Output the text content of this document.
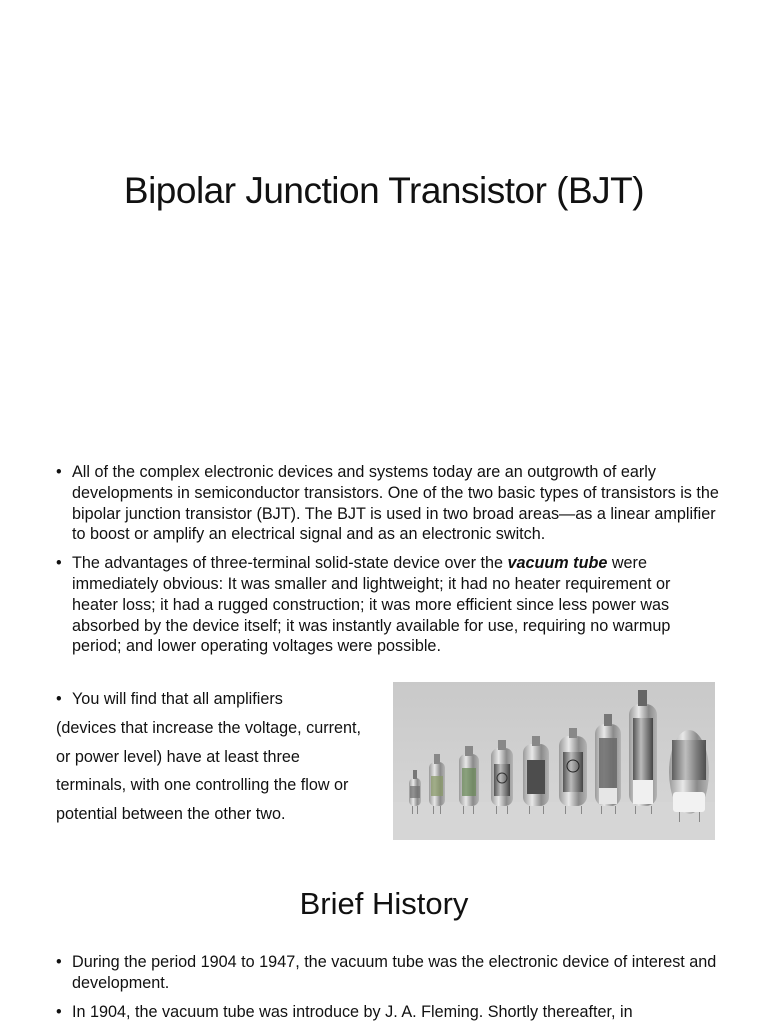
Bipolar Junction Transistor (BJT)
• All of the complex electronic devices and systems today are an outgrowth of early developments in semiconductor transistors. One of the two basic types of transistors is the bipolar junction transistor (BJT). The BJT is used in two broad areas—as a linear amplifier to boost or amplify an electrical signal and as an electronic switch.
• The advantages of three-terminal solid-state device over the vacuum tube were immediately obvious: It was smaller and lightweight; it had no heater requirement or heater loss; it had a rugged construction; it was more efficient since less power was absorbed by the device itself; it was instantly available for use, requiring no warmup period; and lower operating voltages were possible.
• You will find that all amplifiers
(devices that increase the voltage, current,
or power level) have at least three
terminals, with one controlling the flow or
potential between the other two.
Brief History
• During the period 1904 to 1947, the vacuum tube was the electronic device of interest and development.
• In 1904, the vacuum tube was introduce by J. A. Fleming. Shortly thereafter, in
